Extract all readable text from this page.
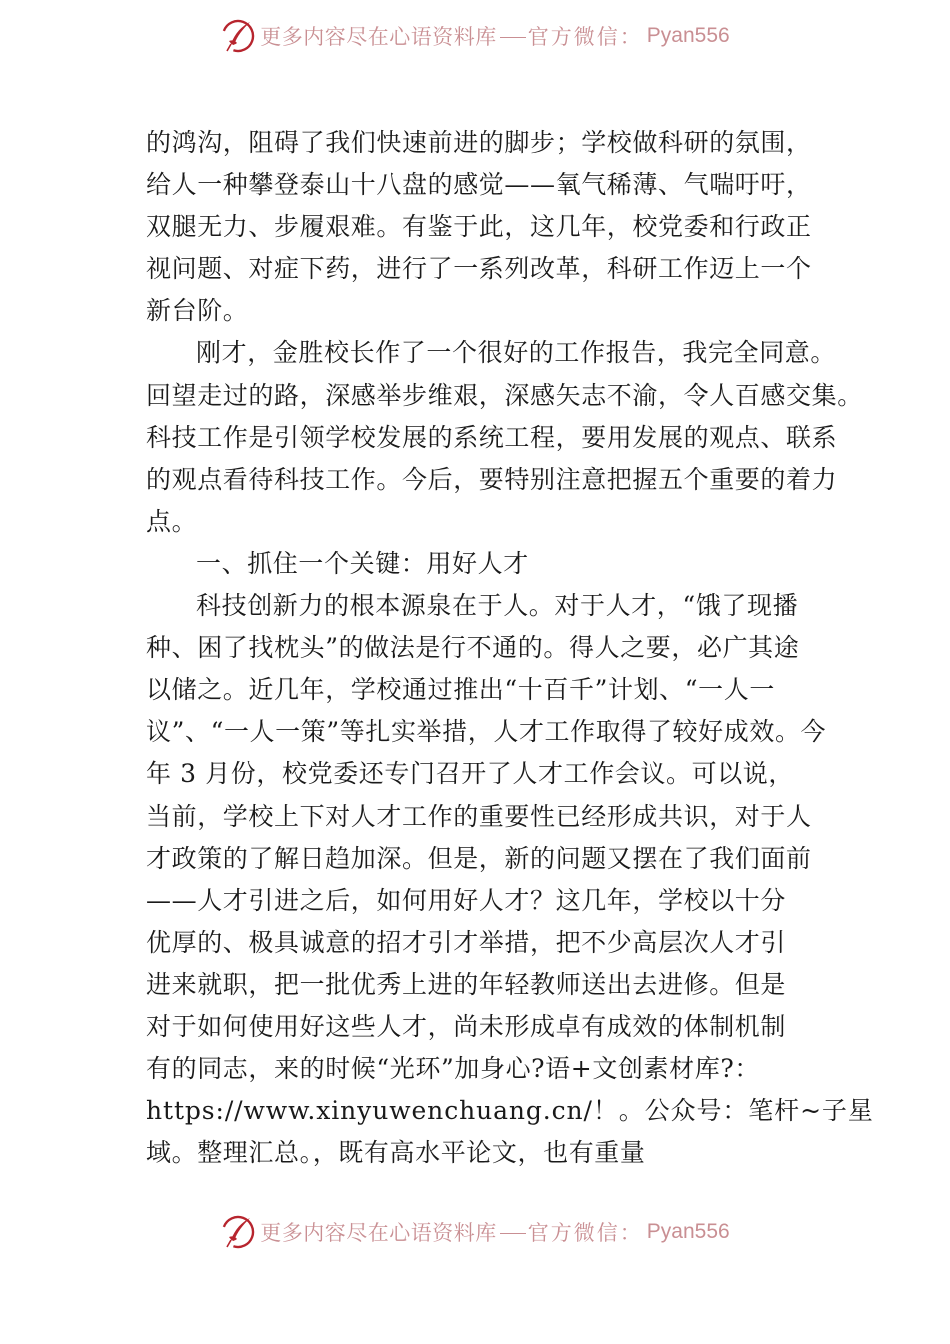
更多内容尽在心语资料库 官方微信： Pyan556
的鸿沟，阻碍了我们快速前进的脚步；学校做科研的氛围，
给人一种攀登泰山十八盘的感觉——氧气稀薄、气喘吁吁，
双腿无力、步履艰难。有鉴于此，这几年，校党委和行政正
视问题、对症下药，进行了一系列改革，科研工作迈上一个
新台阶。
刚才，金胜校长作了一个很好的工作报告，我完全同意。
回望走过的路，深感举步维艰，深感矢志不渝，令人百感交集。
科技工作是引领学校发展的系统工程，要用发展的观点、联系
的观点看待科技工作。今后，要特别注意把握五个重要的着力
点。
一、抓住一个关键：用好人才
科技创新力的根本源泉在于人。对于人才，“饿了现播
种、困了找枕头”的做法是行不通的。得人之要，必广其途
以储之。近几年，学校通过推出“十百千”计划、“一人一
议”、“一人一策”等扎实举措，人才工作取得了较好成效。今
年 3 月份，校党委还专门召开了人才工作会议。可以说，
当前，学校上下对人才工作的重要性已经形成共识，对于人
才政策的了解日趋加深。但是，新的问题又摆在了我们面前
——人才引进之后，如何用好人才？这几年，学校以十分
优厚的、极具诚意的招才引才举措，把不少高层次人才引
进来就职，把一批优秀上进的年轻教师送出去进修。但是
对于如何使用好这些人才，尚未形成卓有成效的体制机制
有的同志，来的时候“光环”加身心?语+文创素材库?：
https://www.xinyuwenchuang.cn/！。公众号：笔杆~子星
域。整理汇总。，既有高水平论文，也有重量
更多内容尽在心语资料库 官方微信： Pyan556
